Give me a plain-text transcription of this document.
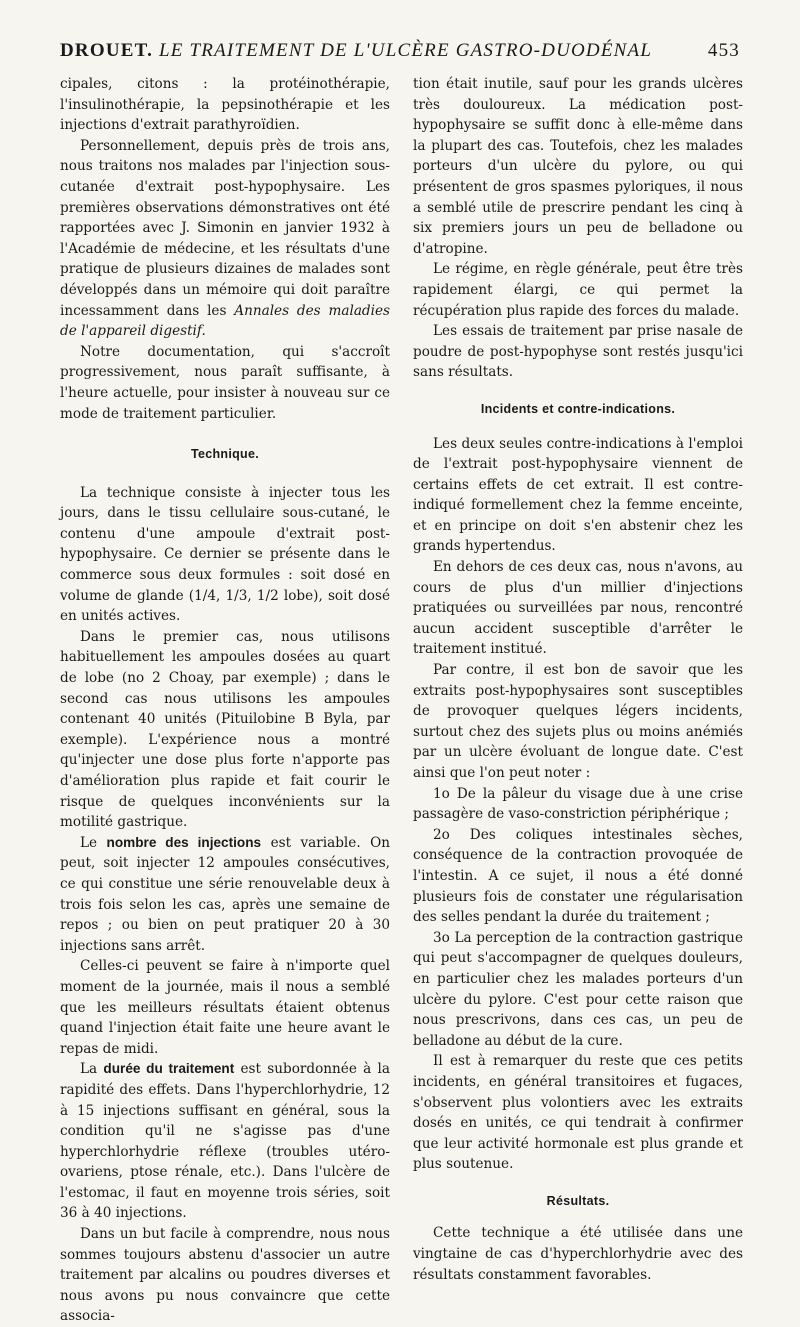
DROUET. LE TRAITEMENT DE L'ULCÈRE GASTRO-DUODÉNAL	453

cipales, citons : la protéinothérapie, l'insulinothérapie, la pepsinothérapie et les injections d'extrait parathyroïdien.

Personnellement, depuis près de trois ans, nous traitons nos malades par l'injection sous-cutanée d'extrait post-hypophysaire. Les premières observations démonstratives ont été rapportées avec J. Simonin en janvier 1932 à l'Académie de médecine, et les résultats d'une pratique de plusieurs dizaines de malades sont développés dans un mémoire qui doit paraître incessamment dans les Annales des maladies de l'appareil digestif.

Notre documentation, qui s'accroît progressivement, nous paraît suffisante, à l'heure actuelle, pour insister à nouveau sur ce mode de traitement particulier.

Technique.

La technique consiste à injecter tous les jours, dans le tissu cellulaire sous-cutané, le contenu d'une ampoule d'extrait post-hypophysaire. Ce dernier se présente dans le commerce sous deux formules : soit dosé en volume de glande (1/4, 1/3, 1/2 lobe), soit dosé en unités actives.

Dans le premier cas, nous utilisons habituellement les ampoules dosées au quart de lobe (no 2 Choay, par exemple) ; dans le second cas nous utilisons les ampoules contenant 40 unités (Pituilobine B Byla, par exemple). L'expérience nous a montré qu'injecter une dose plus forte n'apporte pas d'amélioration plus rapide et fait courir le risque de quelques inconvénients sur la motilité gastrique.

Le nombre des injections est variable. On peut, soit injecter 12 ampoules consécutives, ce qui constitue une série renouvelable deux à trois fois selon les cas, après une semaine de repos ; ou bien on peut pratiquer 20 à 30 injections sans arrêt.

Celles-ci peuvent se faire à n'importe quel moment de la journée, mais il nous a semblé que les meilleurs résultats étaient obtenus quand l'injection était faite une heure avant le repas de midi.

La durée du traitement est subordonnée à la rapidité des effets. Dans l'hyperchlorhydrie, 12 à 15 injections suffisant en général, sous la condition qu'il ne s'agisse pas d'une hyperchlorhydrie réflexe (troubles utéro-ovariens, ptose rénale, etc.). Dans l'ulcère de l'estomac, il faut en moyenne trois séries, soit 36 à 40 injections.

Dans un but facile à comprendre, nous nous sommes toujours abstenu d'associer un autre traitement par alcalins ou poudres diverses et nous avons pu nous convaincre que cette associa-

tion était inutile, sauf pour les grands ulcères très douloureux. La médication post-hypophysaire se suffit donc à elle-même dans la plupart des cas. Toutefois, chez les malades porteurs d'un ulcère du pylore, ou qui présentent de gros spasmes pyloriques, il nous a semblé utile de prescrire pendant les cinq à six premiers jours un peu de belladone ou d'atropine.

Le régime, en règle générale, peut être très rapidement élargi, ce qui permet la récupération plus rapide des forces du malade.

Les essais de traitement par prise nasale de poudre de post-hypophyse sont restés jusqu'ici sans résultats.

Incidents et contre-indications.

Les deux seules contre-indications à l'emploi de l'extrait post-hypophysaire viennent de certains effets de cet extrait. Il est contre-indiqué formellement chez la femme enceinte, et en principe on doit s'en abstenir chez les grands hypertendus.

En dehors de ces deux cas, nous n'avons, au cours de plus d'un millier d'injections pratiquées ou surveillées par nous, rencontré aucun accident susceptible d'arrêter le traitement institué.

Par contre, il est bon de savoir que les extraits post-hypophysaires sont susceptibles de provoquer quelques légers incidents, surtout chez des sujets plus ou moins anémiés par un ulcère évoluant de longue date. C'est ainsi que l'on peut noter :

1o De la pâleur du visage due à une crise passagère de vaso-constriction périphérique ;

2o Des coliques intestinales sèches, conséquence de la contraction provoquée de l'intestin. A ce sujet, il nous a été donné plusieurs fois de constater une régularisation des selles pendant la durée du traitement ;

3o La perception de la contraction gastrique qui peut s'accompagner de quelques douleurs, en particulier chez les malades porteurs d'un ulcère du pylore. C'est pour cette raison que nous prescrivons, dans ces cas, un peu de belladone au début de la cure.

Il est à remarquer du reste que ces petits incidents, en général transitoires et fugaces, s'observent plus volontiers avec les extraits dosés en unités, ce qui tendrait à confirmer que leur activité hormonale est plus grande et plus soutenue.

Résultats.

Cette technique a été utilisée dans une vingtaine de cas d'hyperchlorhydrie avec des résultats constamment favorables.
